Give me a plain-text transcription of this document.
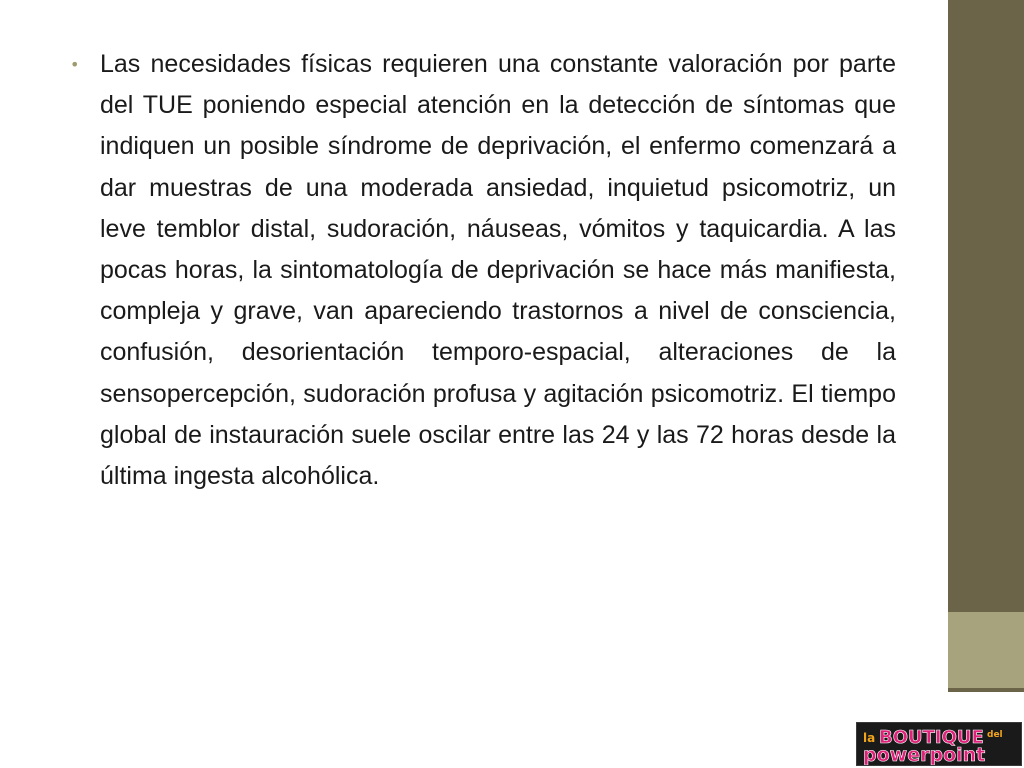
• Las necesidades físicas requieren una constante valoración por parte del TUE poniendo especial atención en la detección de síntomas que indiquen un posible síndrome de deprivación, el enfermo comenzará a dar muestras de una moderada ansiedad, inquietud psicomotriz, un leve temblor distal, sudoración, náuseas, vómitos y taquicardia. A las pocas horas, la sintomatología de deprivación se hace más manifiesta, compleja y grave, van apareciendo trastornos a nivel de consciencia, confusión, desorientación temporo-espacial, alteraciones de la sensopercepción, sudoración profusa y agitación psicomotriz. El tiempo global de instauración suele oscilar entre las 24 y las 72 horas desde la última ingesta alcohólica.

la BOUTIQUE del
powerpoint
